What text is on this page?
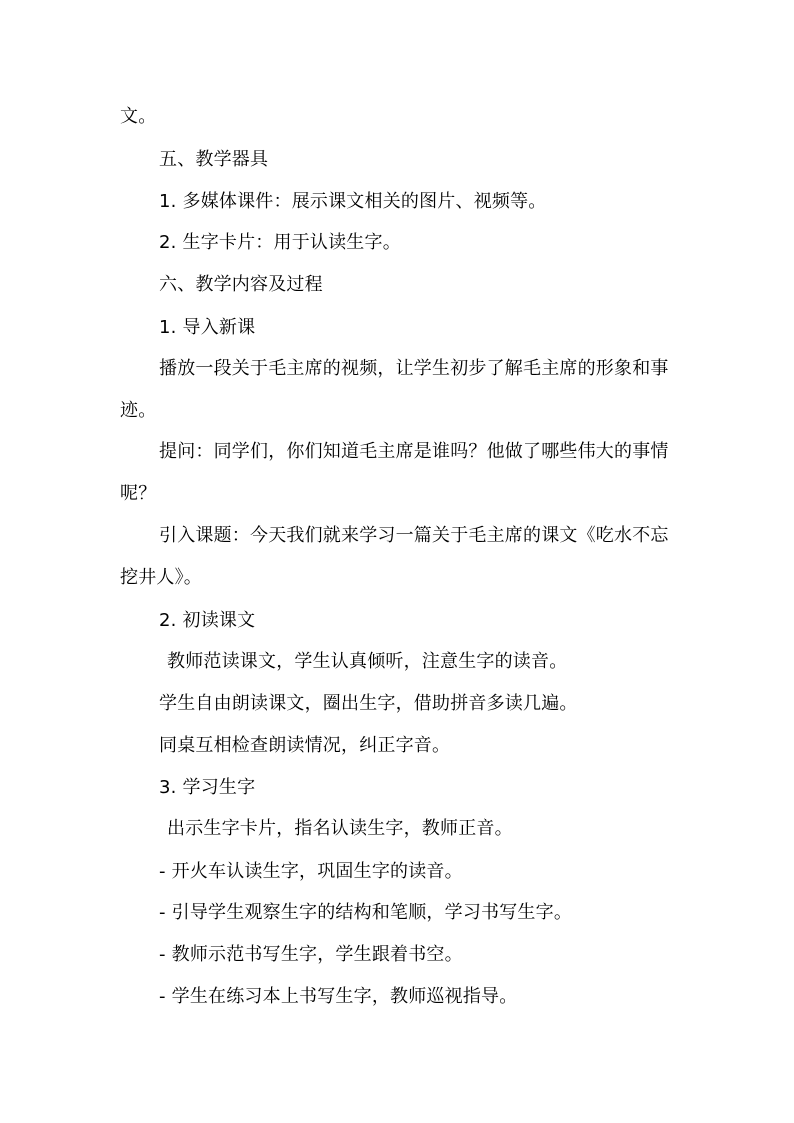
文。

五、教学器具

1. 多媒体课件：展示课文相关的图片、视频等。

2. 生字卡片：用于认读生字。

六、教学内容及过程

1. 导入新课

播放一段关于毛主席的视频，让学生初步了解毛主席的形象和事

迹。

提问：同学们，你们知道毛主席是谁吗？他做了哪些伟大的事情

呢？

引入课题：今天我们就来学习一篇关于毛主席的课文《吃水不忘

挖井人》。

2. 初读课文

教师范读课文，学生认真倾听，注意生字的读音。

学生自由朗读课文，圈出生字，借助拼音多读几遍。

同桌互相检查朗读情况，纠正字音。

3. 学习生字

出示生字卡片，指名认读生字，教师正音。

- 开火车认读生字，巩固生字的读音。

- 引导学生观察生字的结构和笔顺，学习书写生字。

- 教师示范书写生字，学生跟着书空。

- 学生在练习本上书写生字，教师巡视指导。
